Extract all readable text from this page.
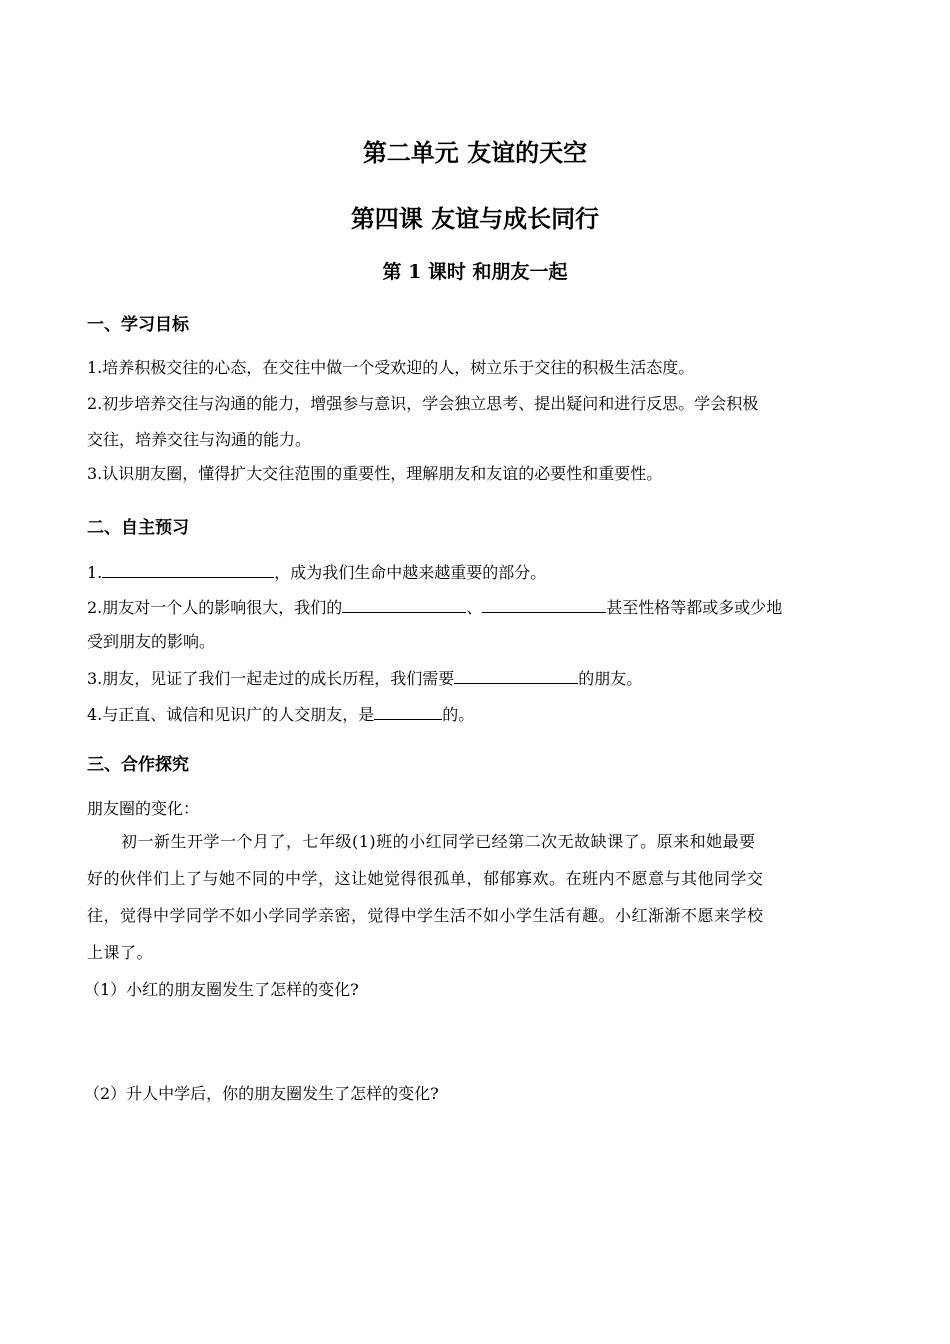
第二单元 友谊的天空
第四课 友谊与成长同行
第 1 课时 和朋友一起
一、学习目标

1.培养积极交往的心态，在交往中做一个受欢迎的人，树立乐于交往的积极生活态度。

2.初步培养交往与沟通的能力，增强参与意识，学会独立思考、提出疑问和进行反思。学会积极

交往，培养交往与沟通的能力。

3.认识朋友圈，懂得扩大交往范围的重要性，理解朋友和友谊的必要性和重要性。

二、自主预习

1.	，成为我们生命中越来越重要的部分。

2.朋友对一个人的影响很大，我们的	、	甚至性格等都或多或少地

受到朋友的影响。

3.朋友，见证了我们一起走过的成长历程，我们需要	的朋友。

4.与正直、诚信和见识广的人交朋友，是	的。

三、合作探究

朋友圈的变化：

初一新生开学一个月了，七年级(1)班的小红同学已经第二次无故缺课了。原来和她最要

好的伙伴们上了与她不同的中学，这让她觉得很孤单，郁郁寡欢。在班内不愿意与其他同学交

往，觉得中学同学不如小学同学亲密，觉得中学生活不如小学生活有趣。小红渐渐不愿来学校

上课了。

（1）小红的朋友圈发生了怎样的变化?

（2）升人中学后，你的朋友圈发生了怎样的变化?
